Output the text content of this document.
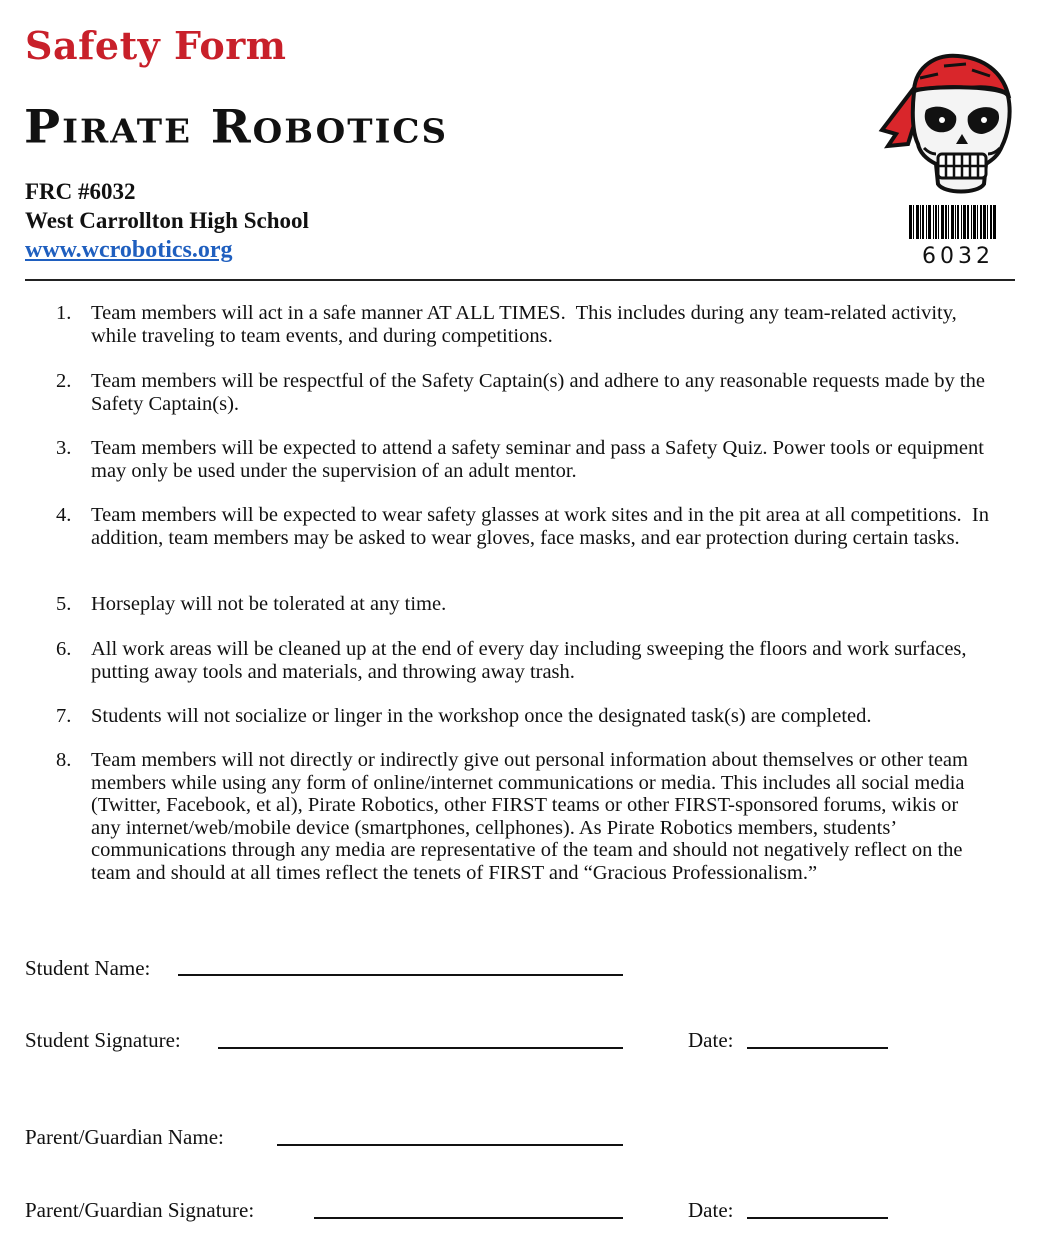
Safety Form
Pirate Robotics
FRC #6032
West Carrollton High School
www.wcrobotics.org	6032
1. Team members will act in a safe manner AT ALL TIMES.  This includes during any team-related activity, while traveling to team events, and during competitions.
2. Team members will be respectful of the Safety Captain(s) and adhere to any reasonable requests made by the Safety Captain(s).
3. Team members will be expected to attend a safety seminar and pass a Safety Quiz. Power tools or equipment may only be used under the supervision of an adult mentor.
4. Team members will be expected to wear safety glasses at work sites and in the pit area at all competitions.  In addition, team members may be asked to wear gloves, face masks, and ear protection during certain tasks.
5. Horseplay will not be tolerated at any time.
6. All work areas will be cleaned up at the end of every day including sweeping the floors and work surfaces, putting away tools and materials, and throwing away trash.
7. Students will not socialize or linger in the workshop once the designated task(s) are completed.
8. Team members will not directly or indirectly give out personal information about themselves or other team members while using any form of online/internet communications or media. This includes all social media (Twitter, Facebook, et al), Pirate Robotics, other FIRST teams or other FIRST-sponsored forums, wikis or any internet/web/mobile device (smartphones, cellphones). As Pirate Robotics members, students’ communications through any media are representative of the team and should not negatively reflect on the team and should at all times reflect the tenets of FIRST and “Gracious Professionalism.”
Student Name:
Student Signature:	Date:
Parent/Guardian Name:
Parent/Guardian Signature:	Date:
